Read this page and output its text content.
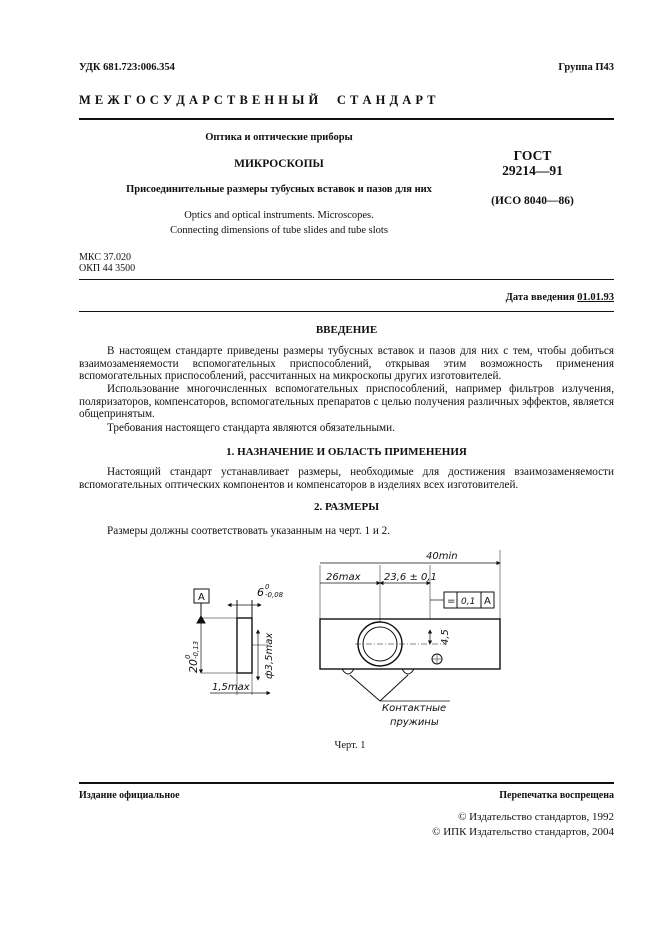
УДК 681.723:006.354	Группа П43
М Е Ж Г О С У Д А Р С Т В Е Н Н Ы Й     С Т А Н Д А Р Т
Оптика и оптические приборы
МИКРОСКОПЫ
Присоединительные размеры тубусных вставок и пазов для них
Optics and optical instruments. Microscopes.
Connecting dimensions of tube slides and tube slots
ГОСТ
29214—91
(ИСО 8040—86)
МКС 37.020
ОКП 44 3500
Дата введения 01.01.93
ВВЕДЕНИЕ
В настоящем стандарте приведены размеры тубусных вставок и пазов для них с тем, чтобы добиться взаимозаменяемости вспомогательных приспособлений, открывая этим возможность применения вспомогательных приспособлений, рассчитанных на микроскопы других изготовителей.
Использование многочисленных вспомогательных приспособлений, например фильтров излучения, поляризаторов, компенсаторов, вспомогательных препаратов с целью получения различных эффектов, является общепринятым.
Требования настоящего стандарта являются обязательными.
1. НАЗНАЧЕНИЕ И ОБЛАСТЬ ПРИМЕНЕНИЯ
Настоящий стандарт устанавливает размеры, необходимые для достижения взаимозаменяемости вспомогательных оптических компонентов и компенсаторов в изделиях всех изготовителей.
2. РАЗМЕРЫ
Размеры должны соответствовать указанным на черт. 1 и 2.
A	6 0
-0,08
20
0 -0,13	ф3,5max
1,5max
40min
26max 23,6 ± 0,1
= 0,1 A
4,5
Контактные
пружины
Черт. 1
Издание официальное	Перепечатка воспрещена
© Издательство стандартов, 1992
© ИПК Издательство стандартов, 2004
